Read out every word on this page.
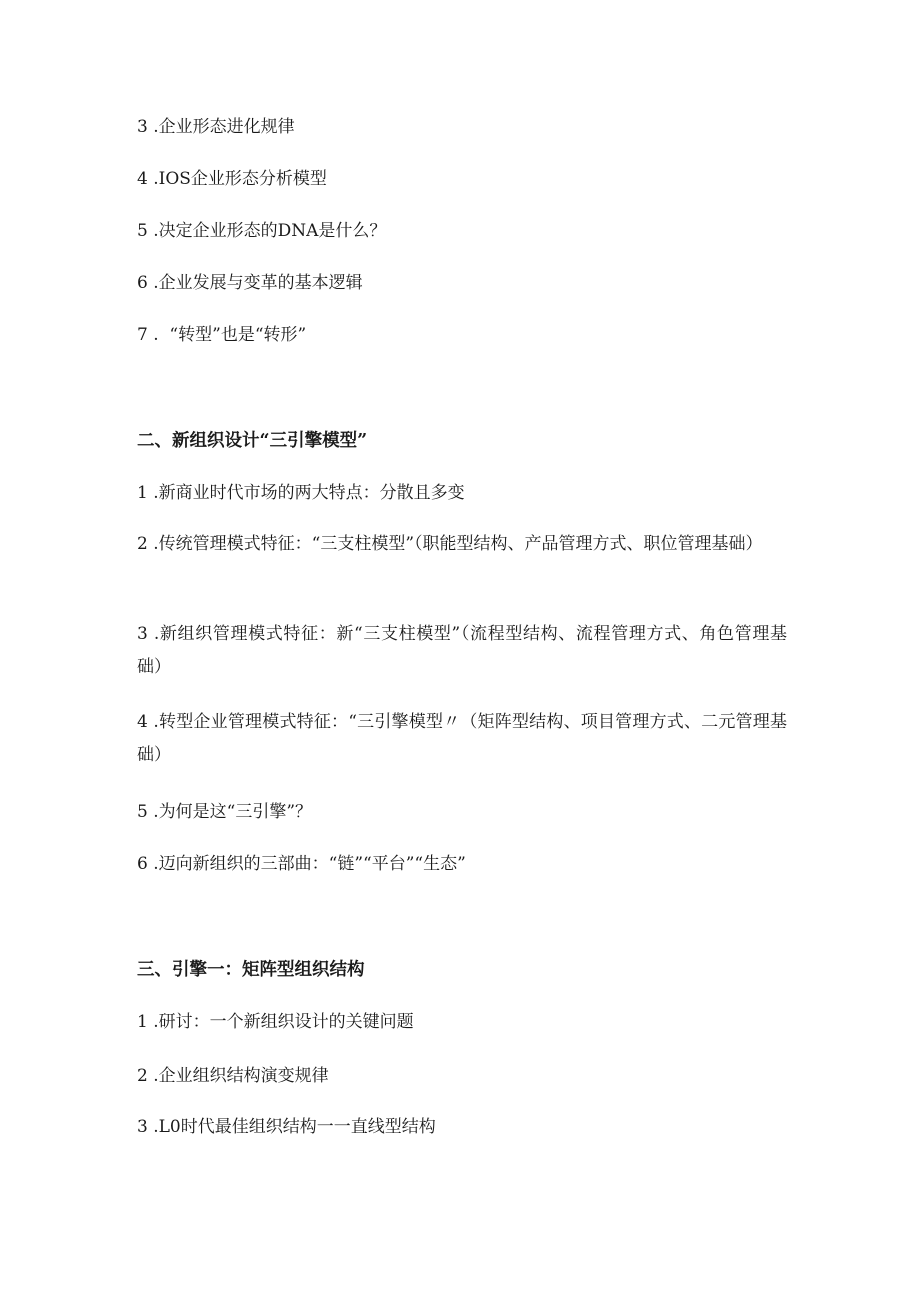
3 .企业形态进化规律
4 .IOS企业形态分析模型
5 .决定企业形态的DNA是什么？
6 .企业发展与变革的基本逻辑
7 .  “转型”也是“转形”
二、新组织设计“三引擎模型”
1 .新商业时代市场的两大特点：分散且多变
2 .传统管理模式特征：“三支柱模型”（职能型结构、产品管理方式、职位管理基础）
3 .新组织管理模式特征：新“三支柱模型”（流程型结构、流程管理方式、角色管理基础）
4 .转型企业管理模式特征：“三引擎模型〃（矩阵型结构、项目管理方式、二元管理基础）
5 .为何是这“三引擎”？
6 .迈向新组织的三部曲：“链”“平台”“生态”
三、引擎一：矩阵型组织结构
1 .研讨：一个新组织设计的关键问题
2 .企业组织结构演变规律
3 .L0时代最佳组织结构一一直线型结构
